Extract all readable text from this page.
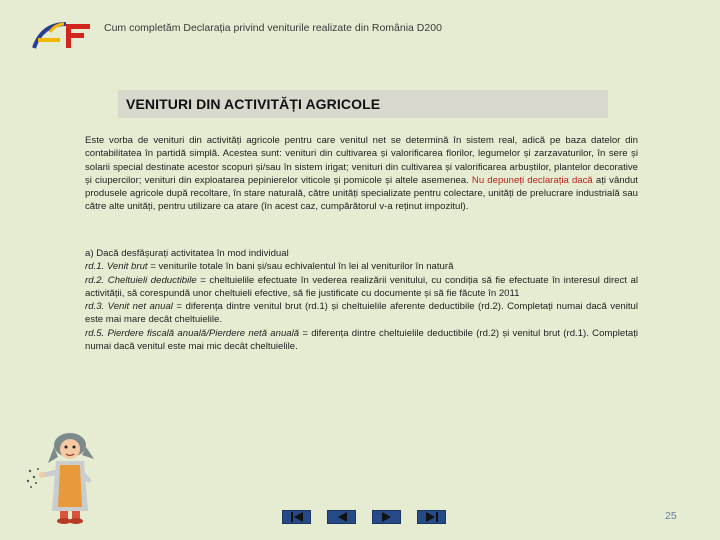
Cum completăm Declarația privind veniturile realizate din România D200
VENITURI DIN ACTIVITĂȚI AGRICOLE
Este vorba de venituri din activități agricole pentru care venitul net se determină în sistem real, adică pe baza datelor din contabilitatea în partidă simplă. Acestea sunt: venituri din cultivarea și valorificarea florilor, legumelor și zarzavaturilor, în sere și solarii special destinate acestor scopuri și/sau în sistem irigat; venituri din cultivarea și valorificarea arbuștilor, plantelor decorative și ciupercilor; venituri din exploatarea pepinierelor viticole și pomicole și altele asemenea. Nu depuneți declarația dacă ați vândut produsele agricole după recoltare, în stare naturală, către unități specializate pentru colectare, unități de prelucrare industrială sau către alte unități, pentru utilizare ca atare (în acest caz, cumpărătorul v-a reținut impozitul).

a) Dacă desfășurați activitatea în mod individual

rd.1. Venit brut = veniturile totale în bani și/sau echivalentul în lei al veniturilor în natură

rd.2. Cheltuieli deductibile = cheltuielile efectuate în vederea realizării venitului, cu condiția să fie efectuate în interesul direct al activității, să corespundă unor cheltuieli efective, să fie justificate cu documente și să fie făcute în 2011

rd.3. Venit net anual = diferența dintre venitul brut (rd.1) și cheltuielile aferente deductibile (rd.2). Completați numai dacă venitul este mai mare decât cheltuielile.

rd.5. Pierdere fiscală anuală/Pierdere netă anuală = diferența dintre cheltuielile deductibile (rd.2) și venitul brut (rd.1). Completați numai dacă venitul este mai mic decât cheltuielile.

25
